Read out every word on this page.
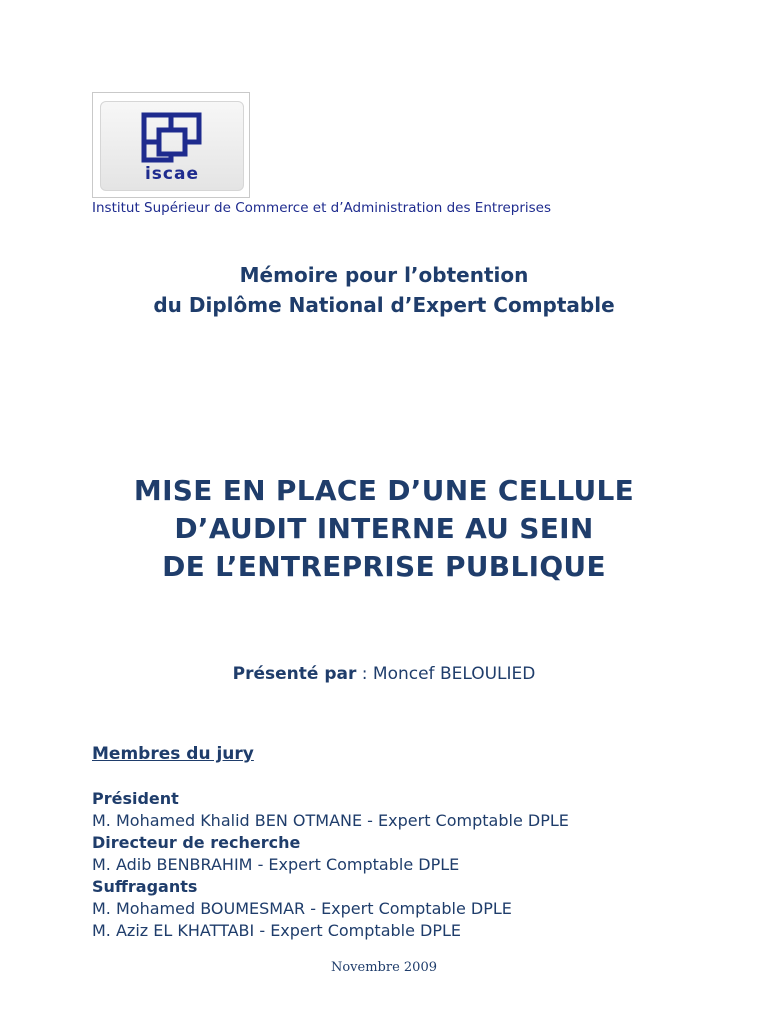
iscae
Institut Supérieur de Commerce et d’Administration des Entreprises
Mémoire pour l’obtention
du Diplôme National d’Expert Comptable
MISE EN PLACE D’UNE CELLULE
D’AUDIT INTERNE AU SEIN
DE L’ENTREPRISE PUBLIQUE
Présenté par : Moncef BELOULIED
Membres du jury
Président
M. Mohamed Khalid BEN OTMANE - Expert Comptable DPLE
Directeur de recherche
M. Adib BENBRAHIM - Expert Comptable DPLE
Suffragants
M. Mohamed BOUMESMAR - Expert Comptable DPLE
M. Aziz EL KHATTABI - Expert Comptable DPLE
Novembre 2009
